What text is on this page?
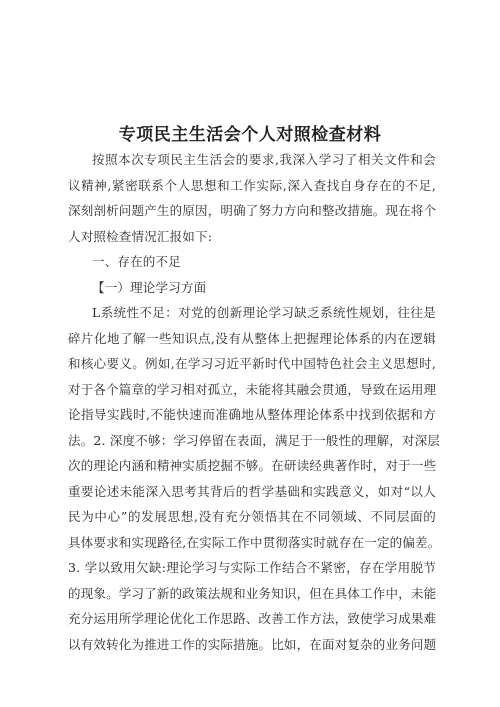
专项民主生活会个人对照检查材料
按照本次专项民主生活会的要求,我深入学习了相关文件和会
议精神,紧密联系个人思想和工作实际,深入查找自身存在的不足,
深刻剖析问题产生的原因，明确了努力方向和整改措施。现在将个
人对照检查情况汇报如下:
一、存在的不足
【一）理论学习方面
L系统性不足：对党的创新理论学习缺乏系统性规划，往往是
碎片化地了解一些知识点,没有从整体上把握理论体系的内在逻辑
和核心要义。例如,在学习习近平新时代中国特色社会主义思想时,
对于各个篇章的学习相对孤立，未能将其融会贯通，导致在运用理
论指导实践时,不能快速而准确地从整体理论体系中找到依据和方
法。2. 深度不够：学习停留在表面，满足于一般性的理解，对深层
次的理论内涵和精神实质挖掘不够。在研读经典著作时，对于一些
重要论述未能深入思考其背后的哲学基础和实践意义，如对“以人
民为中心”的发展思想,没有充分领悟其在不同领域、不同层面的
具体要求和实现路径,在实际工作中贯彻落实时就存在一定的偏差。
3. 学以致用欠缺:理论学习与实际工作结合不紧密，存在学用脱节
的现象。学习了新的政策法规和业务知识，但在具体工作中，未能
充分运用所学理论优化工作思路、改善工作方法，致使学习成果难
以有效转化为推进工作的实际措施。比如，在面对复杂的业务问题
